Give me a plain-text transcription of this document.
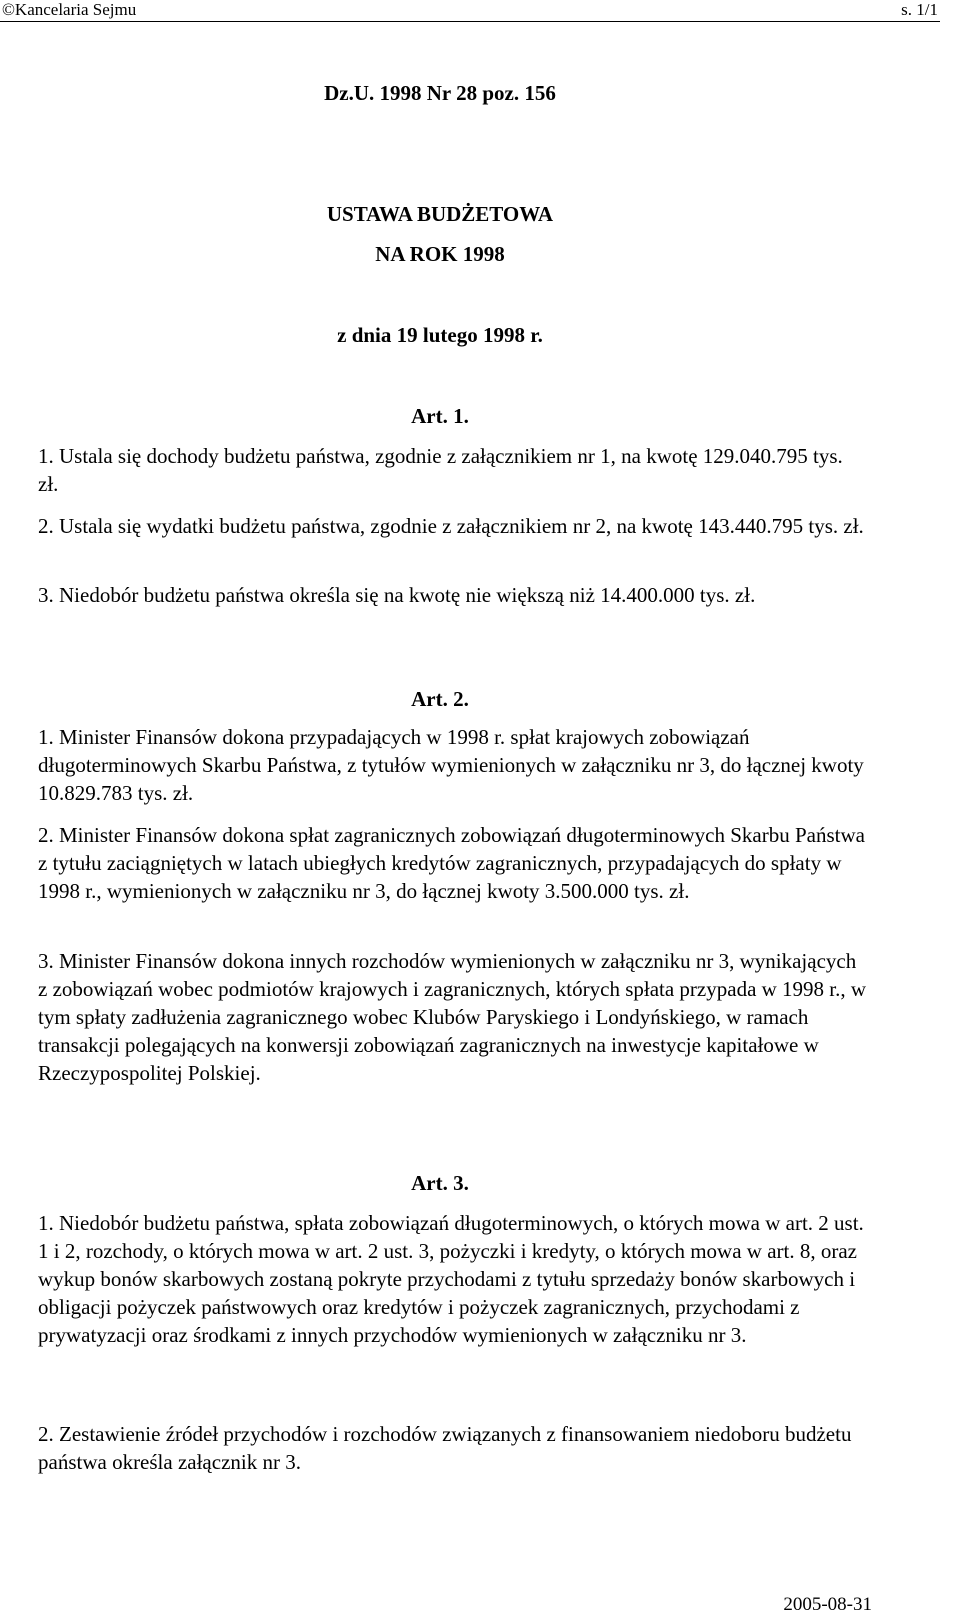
©Kancelaria Sejmu	s. 1/1
Dz.U. 1998 Nr 28 poz. 156
USTAWA BUDŻETOWA
NA ROK 1998
z dnia 19 lutego 1998 r.
Art. 1.
1. Ustala się dochody budżetu państwa, zgodnie z załącznikiem nr 1, na kwotę 129.040.795 tys. zł.
2. Ustala się wydatki budżetu państwa, zgodnie z załącznikiem nr 2, na kwotę 143.440.795 tys. zł.
3. Niedobór budżetu państwa określa się na kwotę nie większą niż 14.400.000 tys. zł.
Art. 2.
1. Minister Finansów dokona przypadających w 1998 r. spłat krajowych zobowiązań długoterminowych Skarbu Państwa, z tytułów wymienionych w załączniku nr 3, do łącznej kwoty 10.829.783 tys. zł.
2. Minister Finansów dokona spłat zagranicznych zobowiązań długoterminowych Skarbu Państwa z tytułu zaciągniętych w latach ubiegłych kredytów zagranicznych, przypadających do spłaty w 1998 r., wymienionych w załączniku nr 3, do łącznej kwoty 3.500.000 tys. zł.
3. Minister Finansów dokona innych rozchodów wymienionych w załączniku nr 3, wynikających z zobowiązań wobec podmiotów krajowych i zagranicznych, których spłata przypada w 1998 r., w tym spłaty zadłużenia zagranicznego wobec Klubów Paryskiego i Londyńskiego, w ramach transakcji polegających na konwersji zobowiązań zagranicznych na inwestycje kapitałowe w Rzeczypospolitej Polskiej.
Art. 3.
1. Niedobór budżetu państwa, spłata zobowiązań długoterminowych, o których mowa w art. 2 ust. 1 i 2, rozchody, o których mowa w art. 2 ust. 3, pożyczki i kredyty, o których mowa w art. 8, oraz wykup bonów skarbowych zostaną pokryte przychodami z tytułu sprzedaży bonów skarbowych i obligacji pożyczek państwowych oraz kredytów i pożyczek zagranicznych, przychodami z prywatyzacji oraz środkami z innych przychodów wymienionych w załączniku nr 3.
2. Zestawienie źródeł przychodów i rozchodów związanych z finansowaniem niedoboru budżetu państwa określa załącznik nr 3.
2005-08-31
